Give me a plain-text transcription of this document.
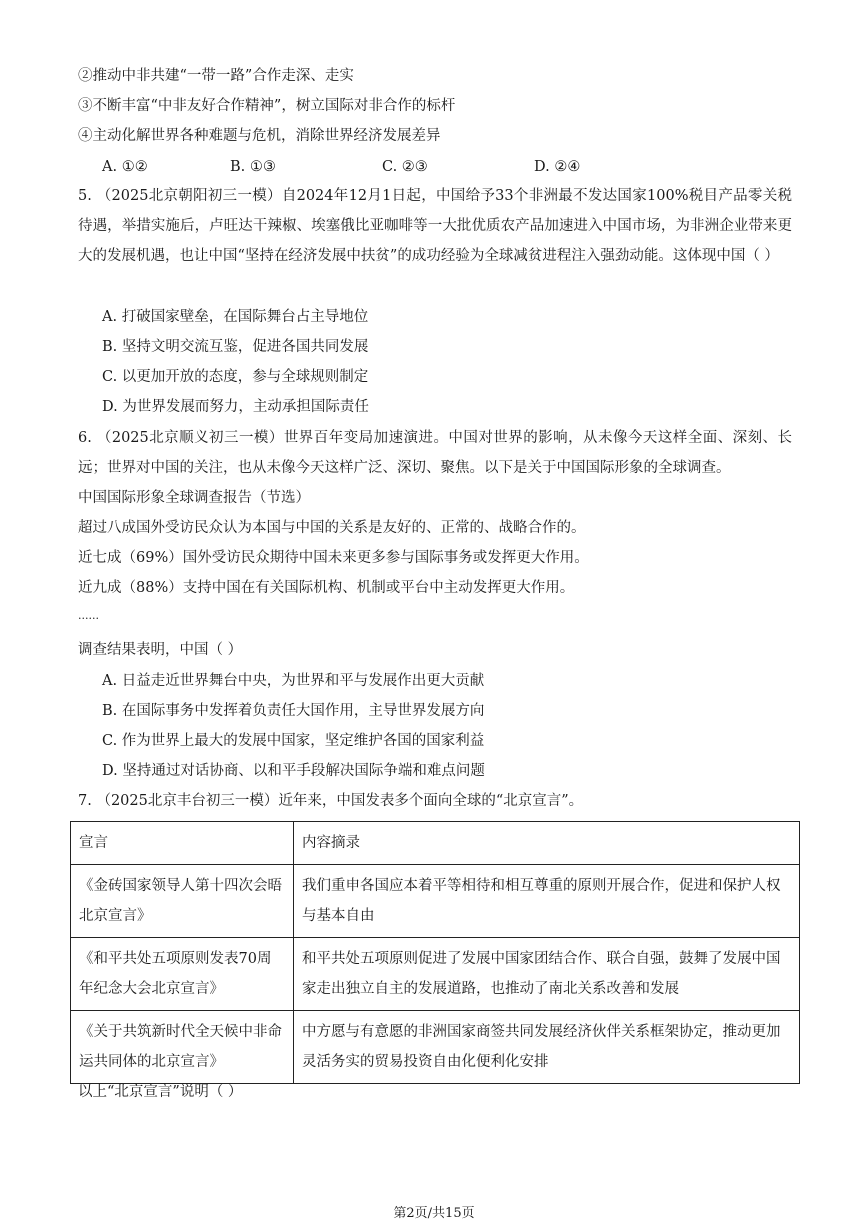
②推动中非共建“一带一路”合作走深、走实
③不断丰富“中非友好合作精神”，树立国际对非合作的标杆
④主动化解世界各种难题与危机，消除世界经济发展差异
A. ①②	B. ①③	C. ②③	D. ②④
5. （2025北京朝阳初三一模）自2024年12月1日起，中国给予33个非洲最不发达国家100%税目产品零关税待遇，举措实施后，卢旺达干辣椒、埃塞俄比亚咖啡等一大批优质农产品加速进入中国市场，为非洲企业带来更大的发展机遇，也让中国“坚持在经济发展中扶贫”的成功经验为全球减贫进程注入强劲动能。这体现中国（ ）
A. 打破国家壁垒，在国际舞台占主导地位
B. 坚持文明交流互鉴，促进各国共同发展
C. 以更加开放的态度，参与全球规则制定
D. 为世界发展而努力，主动承担国际责任
6. （2025北京顺义初三一模）世界百年变局加速演进。中国对世界的影响，从未像今天这样全面、深刻、长远；世界对中国的关注，也从未像今天这样广泛、深切、聚焦。以下是关于中国国际形象的全球调查。
中国国际形象全球调查报告（节选）
超过八成国外受访民众认为本国与中国的关系是友好的、正常的、战略合作的。
近七成（69%）国外受访民众期待中国未来更多参与国际事务或发挥更大作用。
近九成（88%）支持中国在有关国际机构、机制或平台中主动发挥更大作用。
......
调查结果表明，中国（ ）
A. 日益走近世界舞台中央，为世界和平与发展作出更大贡献
B. 在国际事务中发挥着负责任大国作用，主导世界发展方向
C. 作为世界上最大的发展中国家，坚定维护各国的国家利益
D. 坚持通过对话协商、以和平手段解决国际争端和难点问题
7. （2025北京丰台初三一模）近年来，中国发表多个面向全球的“北京宣言”。
宣言	内容摘录
《金砖国家领导人第十四次会晤北京宣言》	我们重申各国应本着平等相待和相互尊重的原则开展合作，促进和保护人权与基本自由
《和平共处五项原则发表70周年纪念大会北京宣言》	和平共处五项原则促进了发展中国家团结合作、联合自强，鼓舞了发展中国家走出独立自主的发展道路，也推动了南北关系改善和发展
《关于共筑新时代全天候中非命运共同体的北京宣言》	中方愿与有意愿的非洲国家商签共同发展经济伙伴关系框架协定，推动更加灵活务实的贸易投资自由化便利化安排
以上“北京宣言”说明（ ）
第2页/共15页
